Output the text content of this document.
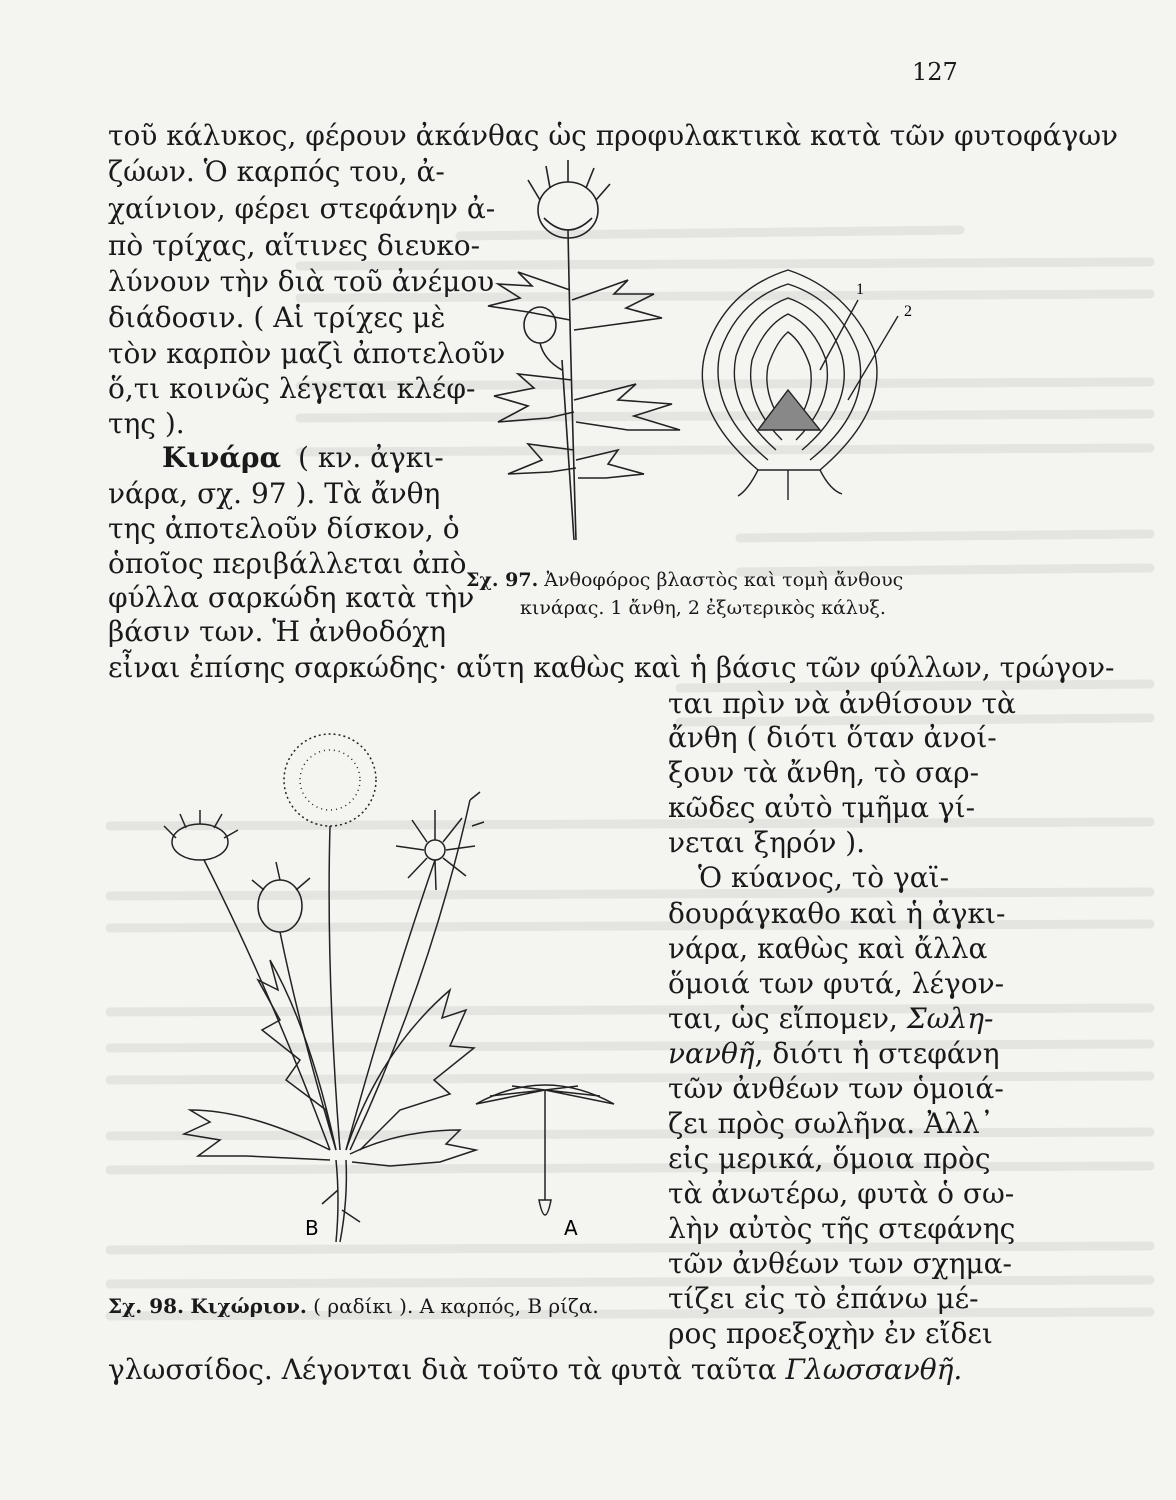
127
τοῦ κάλυκος, φέρουν ἀκάνθας ὡς προφυλακτικὰ κατὰ τῶν φυτοφάγων
ζώων. Ὁ καρπός του, ἀ-
χαίνιον, φέρει στεφάνην ἀ-
πὸ τρίχας, αἵτινες διευκο-
λύνουν τὴν διὰ τοῦ ἀνέμου
διάδοσιν. ( Αἱ τρίχες μὲ
τὸν καρπὸν μαζὶ ἀποτελοῦν
ὅ,τι κοινῶς λέγεται κλέφ-
της ).
Κινάρα ( κν. ἀγκι-
νάρα, σχ. 97 ). Τὰ ἄνθη
της ἀποτελοῦν δίσκον, ὁ
ὁποῖος περιβάλλεται ἀπὸ
φύλλα σαρκώδη κατὰ τὴν
βάσιν των. Ἡ ἀνθοδόχη
εἶναι ἐπίσης σαρκώδης· αὕτη καθὼς καὶ ἡ βάσις τῶν φύλλων, τρώγον-
1
2
Σχ. 97. Ἀνθοφόρος βλαστὸς καὶ τομὴ ἄνθους
κινάρας. 1 ἄνθη, 2 ἐξωτερικὸς κάλυξ.
ται πρὶν νὰ ἀνθίσουν τὰ
ἄνθη ( διότι ὅταν ἀνοί-
ξουν τὰ ἄνθη, τὸ σαρ-
κῶδες αὐτὸ τμῆμα γί-
νεται ξηρόν ).
Ὁ κύανος, τὸ γαϊ-
δουράγκαθο καὶ ἡ ἀγκι-
νάρα, καθὼς καὶ ἄλλα
ὅμοιά των φυτά, λέγον-
ται, ὡς εἴπομεν, Σωλη-
νανθῆ, διότι ἡ στεφάνη
τῶν ἀνθέων των ὁμοιά-
ζει πρὸς σωλῆνα. Ἀλλ᾿
εἰς μερικά, ὅμοια πρὸς
τὰ ἀνωτέρω, φυτὰ ὁ σω-
λὴν αὐτὸς τῆς στεφάνης
τῶν ἀνθέων των σχημα-
τίζει εἰς τὸ ἐπάνω μέ-
ρος προεξοχὴν ἐν εἴδει
Β	Α
Σχ. 98. Κιχώριον. ( ραδίκι ). Α καρπός, Β ρίζα.
γλωσσίδος. Λέγονται διὰ τοῦτο τὰ φυτὰ ταῦτα Γλωσσανθῆ.
